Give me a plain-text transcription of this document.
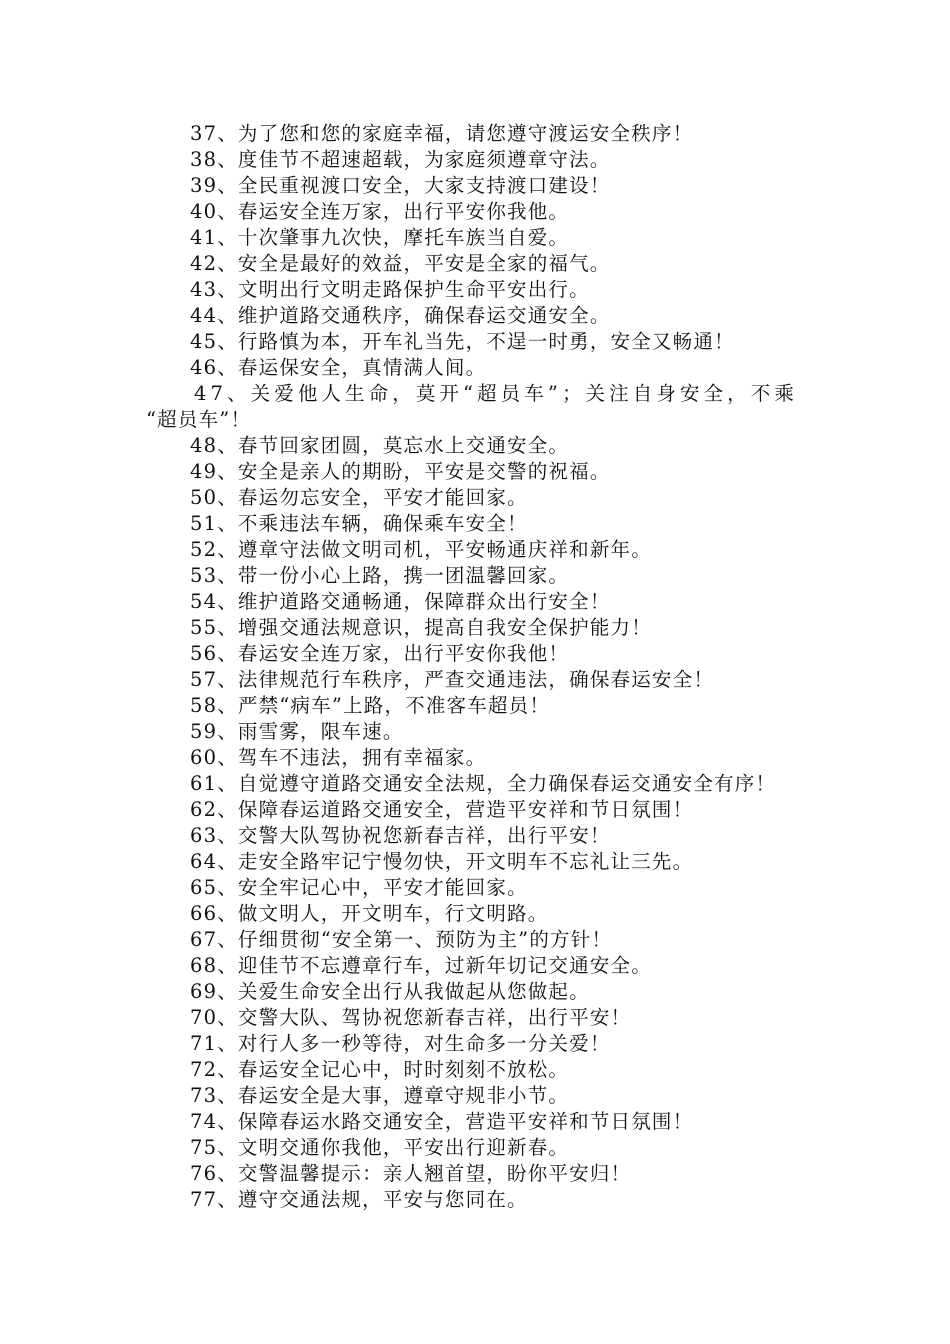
37、为了您和您的家庭幸福，请您遵守渡运安全秩序！
38、度佳节不超速超载，为家庭须遵章守法。
39、全民重视渡口安全，大家支持渡口建设！
40、春运安全连万家，出行平安你我他。
41、十次肇事九次快，摩托车族当自爱。
42、安全是最好的效益，平安是全家的福气。
43、文明出行文明走路保护生命平安出行。
44、维护道路交通秩序，确保春运交通安全。
45、行路慎为本，开车礼当先，不逞一时勇，安全又畅通！
46、春运保安全，真情满人间。
47、关爱他人生命，莫开“超员车”；关注自身安全，不乘
“超员车”！
48、春节回家团圆，莫忘水上交通安全。
49、安全是亲人的期盼，平安是交警的祝福。
50、春运勿忘安全，平安才能回家。
51、不乘违法车辆，确保乘车安全！
52、遵章守法做文明司机，平安畅通庆祥和新年。
53、带一份小心上路，携一团温馨回家。
54、维护道路交通畅通，保障群众出行安全！
55、增强交通法规意识，提高自我安全保护能力！
56、春运安全连万家，出行平安你我他！
57、法律规范行车秩序，严查交通违法，确保春运安全！
58、严禁“病车”上路，不准客车超员！
59、雨雪雾，限车速。
60、驾车不违法，拥有幸福家。
61、自觉遵守道路交通安全法规，全力确保春运交通安全有序！
62、保障春运道路交通安全，营造平安祥和节日氛围！
63、交警大队驾协祝您新春吉祥，出行平安！
64、走安全路牢记宁慢勿快，开文明车不忘礼让三先。
65、安全牢记心中，平安才能回家。
66、做文明人，开文明车，行文明路。
67、仔细贯彻“安全第一、预防为主”的方针！
68、迎佳节不忘遵章行车，过新年切记交通安全。
69、关爱生命安全出行从我做起从您做起。
70、交警大队、驾协祝您新春吉祥，出行平安！
71、对行人多一秒等待，对生命多一分关爱！
72、春运安全记心中，时时刻刻不放松。
73、春运安全是大事，遵章守规非小节。
74、保障春运水路交通安全，营造平安祥和节日氛围！
75、文明交通你我他，平安出行迎新春。
76、交警温馨提示：亲人翘首望，盼你平安归！
77、遵守交通法规，平安与您同在。
